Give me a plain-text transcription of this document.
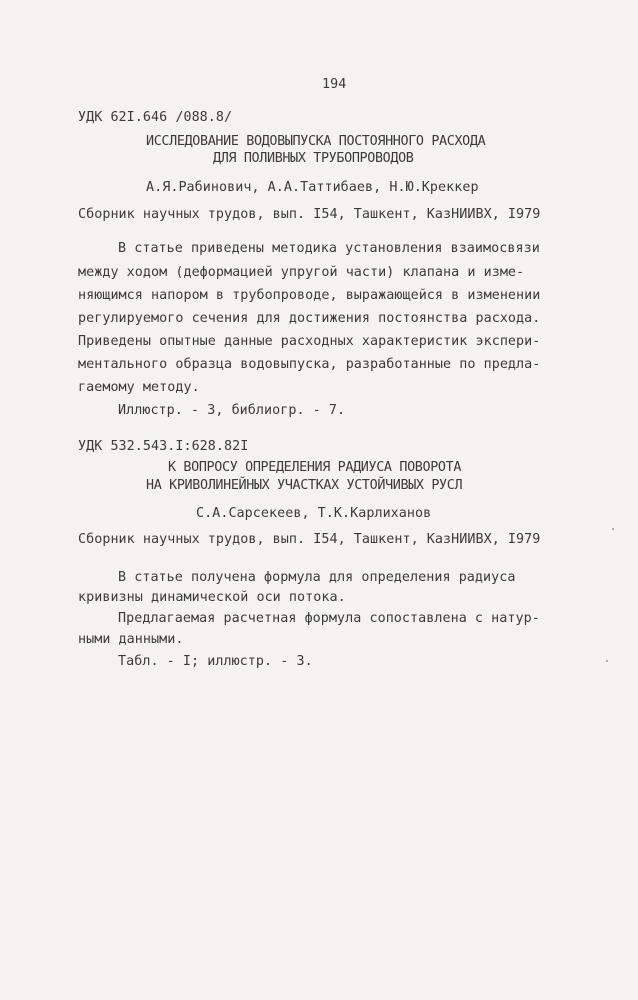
194
УДК 62I.646 /088.8/
ИССЛЕДОВАНИЕ ВОДОВЫПУСКА ПОСТОЯННОГО РАСХОДА
ДЛЯ ПОЛИВНЫХ ТРУБОПРОВОДОВ
А.Я.Рабинович, А.А.Таттибаев, Н.Ю.Креккер
Сборник научных трудов, вып. I54, Ташкент, КазНИИВХ, I979
В статье приведены методика установления взаимосвязи
между ходом (деформацией упругой части) клапана и изме-
няющимся напором в трубопроводе, выражающейся в изменении
регулируемого сечения для достижения постоянства расхода.
Приведены опытные данные расходных характеристик экспери-
ментального образца водовыпуска, разработанные по предла-
гаемому методу.
Иллюстр. - 3, библиогр. - 7.
УДК 532.543.I:628.82I
К ВОПРОСУ ОПРЕДЕЛЕНИЯ РАДИУСА ПОВОРОТА
НА КРИВОЛИНЕЙНЫХ УЧАСТКАХ УСТОЙЧИВЫХ РУСЛ
С.А.Сарсекеев, Т.К.Карлиханов
Сборник научных трудов, вып. I54, Ташкент, КазНИИВХ, I979
В статье получена формула для определения радиуса
кривизны динамической оси потока.
Предлагаемая расчетная формула сопоставлена с натур-
ными данными.
Табл. - I; иллюстр. - 3.
